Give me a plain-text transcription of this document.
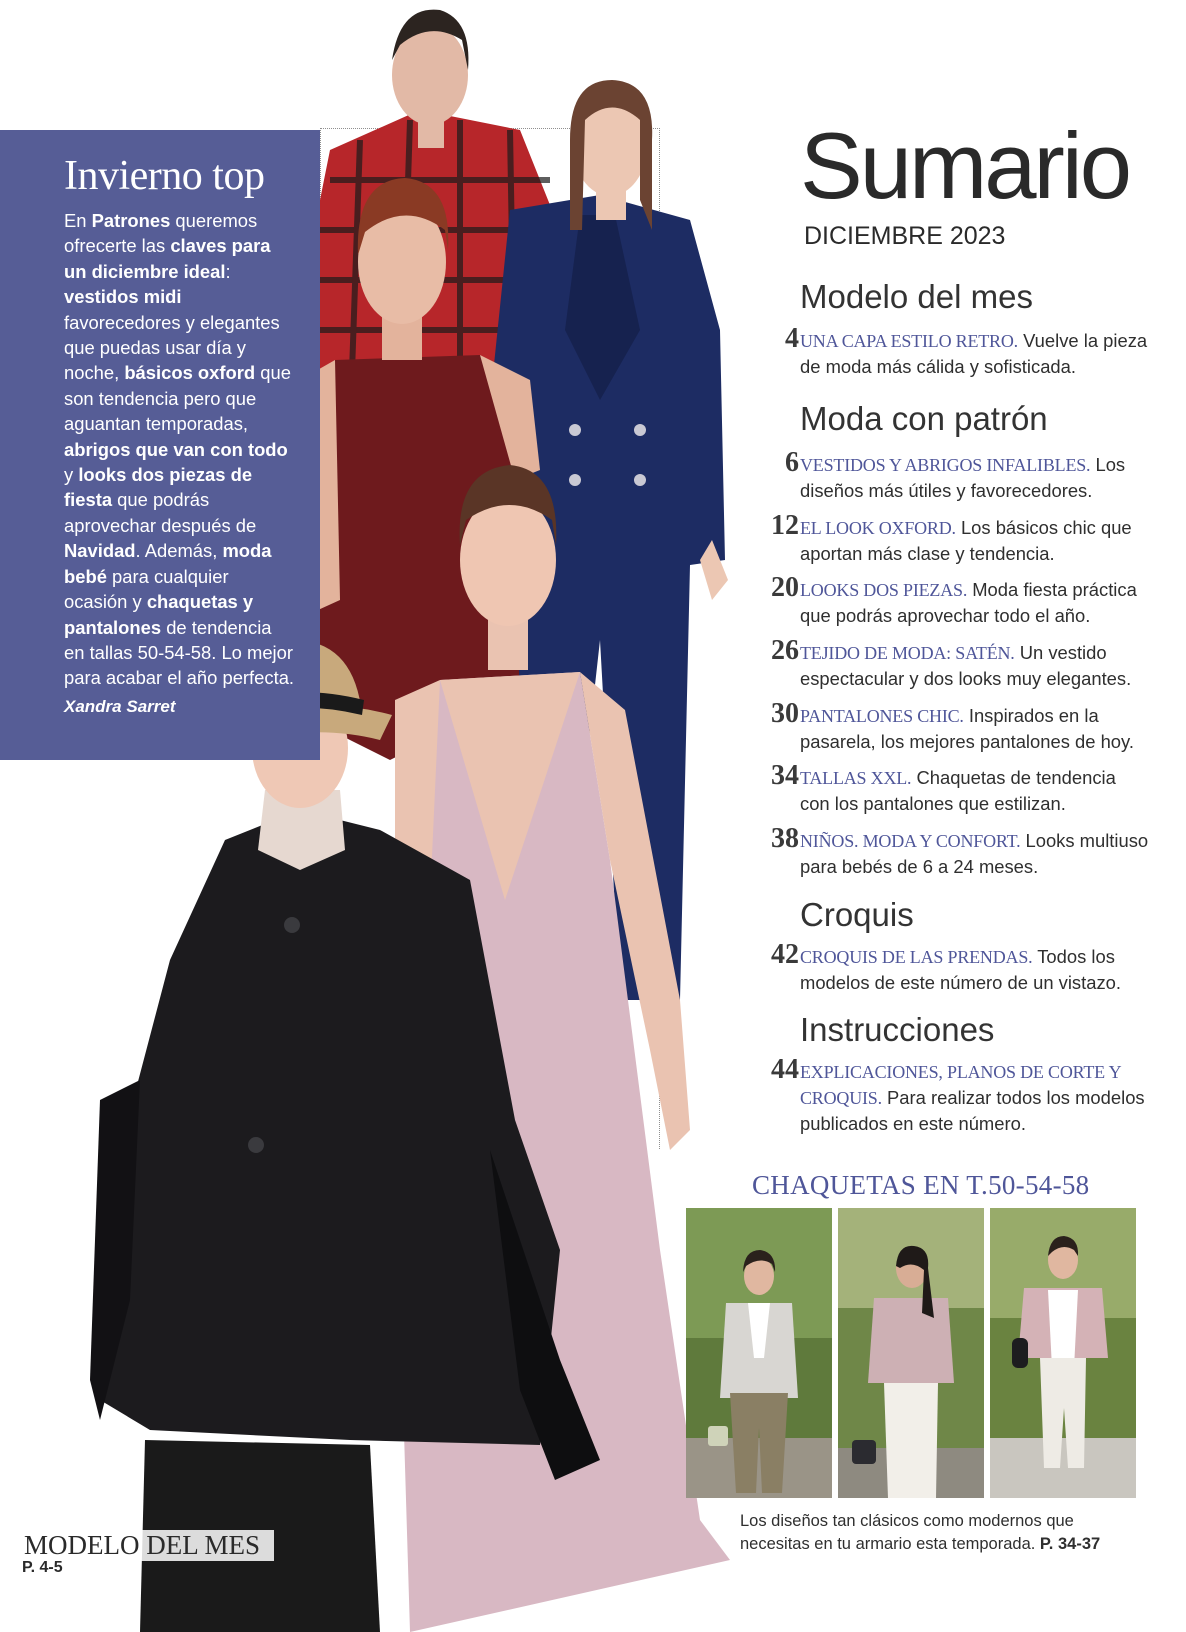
Invierno top
En Patrones queremos ofrecerte las claves para un diciembre ideal: vestidos midi favorecedores y elegantes que puedas usar día y noche, básicos oxford que son tendencia pero que aguantan temporadas, abrigos que van con todo y looks dos piezas de fiesta que podrás aprovechar después de Navidad. Además, moda bebé para cualquier ocasión y chaquetas y pantalones de tendencia en tallas 50-54-58. Lo mejor para acabar el año perfecta.
Xandra Sarret
Sumario
DICIEMBRE 2023
Modelo del mes
4 UNA CAPA ESTILO RETRO. Vuelve la pieza de moda más cálida y sofisticada.
Moda con patrón
6 VESTIDOS Y ABRIGOS INFALIBLES. Los diseños más útiles y favorecedores.
12 EL LOOK OXFORD. Los básicos chic que aportan más clase y tendencia.
20 LOOKS DOS PIEZAS. Moda fiesta práctica que podrás aprovechar todo el año.
26 TEJIDO DE MODA: SATÉN. Un vestido espectacular y dos looks muy elegantes.
30 PANTALONES CHIC. Inspirados en la pasarela, los mejores pantalones de hoy.
34 TALLAS XXL. Chaquetas de tendencia con los pantalones que estilizan.
38 NIÑOS. MODA Y CONFORT. Looks multiuso para bebés de 6 a 24 meses.
Croquis
42 CROQUIS DE LAS PRENDAS. Todos los modelos de este número de un vistazo.
Instrucciones
44 EXPLICACIONES, PLANOS DE CORTE Y CROQUIS. Para realizar todos los modelos publicados en este número.
CHAQUETAS EN T.50-54-58
Los diseños tan clásicos como modernos que necesitas en tu armario esta temporada. P. 34-37
MODELO DEL MES
P. 4-5
